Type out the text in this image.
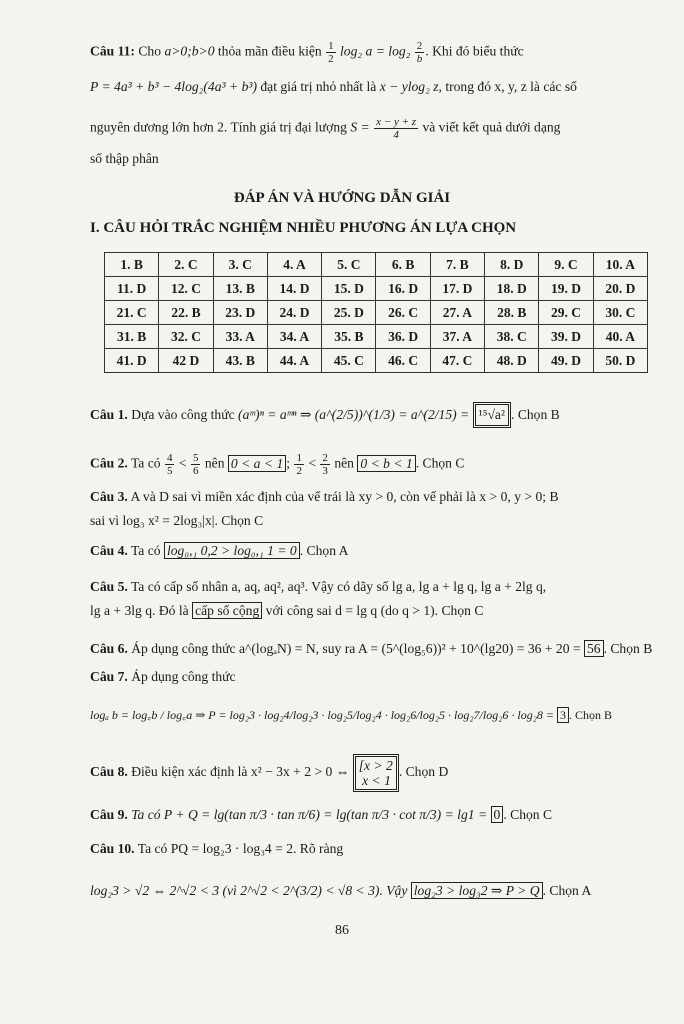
Câu 11: Cho a>0;b>0 thỏa mãn điều kiện $\frac{1}{2} \log_2$ $a = \log_2 \frac{2}{b}$ . Khi đó biểu thức
P = 4a³ + b³ − 4log₂(4a³ + b³) đạt giá trị nhỏ nhất là x − ylog₂ z, trong đó x, y, z là các số
nguyên dương lớn hơn 2. Tính giá trị đại lượng $S = \frac{x - y + z}{4}$ và viết kết quả dưới dạng
số thập phân
ĐÁP ÁN VÀ HƯỚNG DẪN GIẢI
I. CÂU HỎI TRẮC NGHIỆM NHIỀU PHƯƠNG ÁN LỰA CHỌN
1. B	2. C	3. C	4. A	5. C	6. B	7. B	8. D	9. C	10. A
11. D	12. C	13. B	14. D	15. D	16. D	17. D	18. D	19. D	20. D
21. C	22. B	23. D	24. D	25. D	26. C	27. A	28. B	29. C	30. C
31. B	32. C	33. A	34. A	35. B	36. D	37. A	38. C	39. D	40. A
41. D	42 D	43. B	44. A	45. C	46. C	47. C	48. D	49. D	50. D
Câu 1. Dựa vào công thức (aᵐ)ⁿ = aᵐⁿ ⇒ (a^(2/5))^(1/3) = a^(2/15) = ¹⁵√a² . Chọn B
Câu 2. Ta có $\frac{4}{5} < \frac{5}{6}$ nên 0 < a < 1 ; $\frac{1}{2} < \frac{2}{3}$ nên 0 < b < 1 . Chọn C
Câu 3. A và D sai vì miền xác định của vế trái là xy > 0, còn vế phải là x > 0, y > 0; B
sai vì log₃ x² = 2log₃|x|. Chọn C
Câu 4. Ta có log₀,₁ 0,2 > log₀,₁ 1 = 0 . Chọn A
Câu 5. Ta có cấp số nhân a, aq, aq², aq³. Vậy có dãy số lg a, lg a + lg q, lg a + 2lg q,
lg a + 3lg q. Đó là cấp số cộng với công sai d = lg q (do q > 1). Chọn C
Câu 6. Áp dụng công thức a^(logₐN) = N, suy ra A = (5^(log₅6))² + 10^(lg20) = 36 + 20 = 56 . Chọn B
Câu 7. Áp dụng công thức
logₐ b = log꜀b / log꜀a ⇒ P = log₂3 · log₂4/log₂3 · log₂5/log₂4 · log₂6/log₂5 · log₂7/log₂6 · log₂8 = 3 . Chọn B
Câu 8. Điều kiện xác định là x² − 3x + 2 > 0 ⇔ [x > 2
x < 1. Chọn D
Câu 9. Ta có P + Q = lg(tan π/3 · tan π/6) = lg(tan π/3 · cot π/3) = lg1 = 0 . Chọn C
Câu 10. Ta có PQ = log₂3 · log₃4 = 2. Rõ ràng
log₂3 > √2 ⇔ 2^√2 < 3 (vì 2^√2 < 2^(3/2) < √8 < 3). Vậy log₂3 > log₃2 ⇒ P > Q . Chọn A
86
